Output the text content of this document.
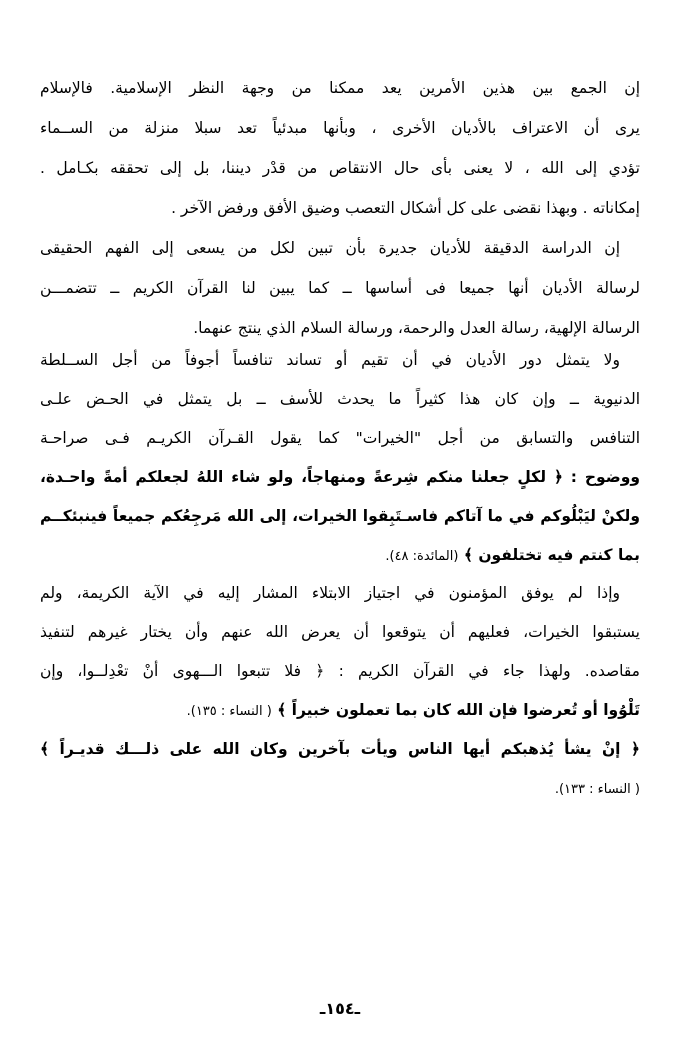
إن الجمع بين هذين الأمرين يعد ممكنا من وجهة النظر الإسلامية. فالإسلام
يرى أن الاعتراف بالأديان الأخرى ، وبأنها مبدئياً تعد سبلا منزلة من الســماء
تؤدي إلى الله ، لا يعنى بأى حال الانتقاص من قدْر ديننا، بل إلى تحققه بكـامل .
إمكاناته . وبهذا نقضى على كل أشكال التعصب وضيق الأفق ورفض الآخر .
إن الدراسة الدقيقة للأديان جديرة بأن تبين لكل من يسعى إلى الفهم الحقيقى
لرسالة الأديان أنها جميعا فى أساسها ــ كما يبين لنا القرآن الكريم ــ تتضمـــن
الرسالة الإلهية، رسالة العدل والرحمة، ورسالة السلام الذي ينتج عنهما.
ولا يتمثل دور الأديان في أن تقيم أو تساند تنافساً أجوفاً من أجل الســلطة
الدنيوية ــ وإن كان هذا كثيراً ما يحدث للأسف ــ بل يتمثل في الحـض علـى
التنافس والتسابق من أجل "الخيرات" كما يقول القـرآن الكريـم فـى صراحـة
ووضوح : ﴿ لكلٍ جعلنا منكم شِرعةً ومنهاجاً، ولو شاء اللهُ لجعلكم أمةً واحـدة،
ولكنْ ليَبْلُوكم في ما آتاكم فاسـتَبِقوا الخيرات، إلى الله مَرجِعُكم جميعاً فينبئكــم
بما كنتم فيه تختلفون ﴾ (المائدة: ٤٨).
وإذا لم يوفق المؤمنون في اجتياز الابتلاء المشار إليه في الآية الكريمة، ولم
يستبقوا الخيرات، فعليهم أن يتوقعوا أن يعرض الله عنهم وأن يختار غيرهم لتنفيذ
مقاصده. ولهذا جاء في القرآن الكريم : ﴿ فلا تتبعوا الـــهوى أنْ تعْدِلــوا، وإن
تَلْوُوا أو تُعرضوا فإن الله كان بما تعملون خبيراً ﴾ ( النساء : ١٣٥).
﴿ إنْ يشأ يُذهبكم أيها الناس ويأت بآخرين وكان الله على ذلـــك قديـراً ﴾
( النساء : ١٣٣).
ـ١٥٤ـ
